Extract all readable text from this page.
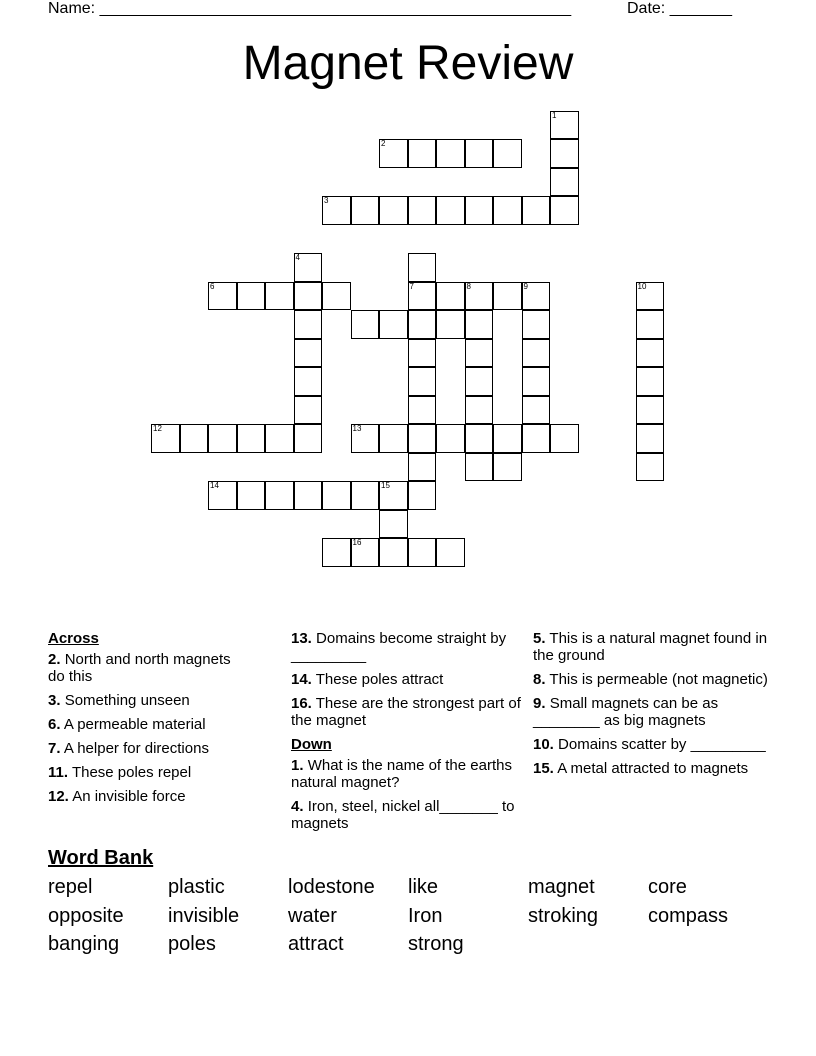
Name: _____________________________________________________	Date: _______
Magnet Review
1
2
3
4
6	7	9
8	10
12	13
14	15
16
Across
2. North and north magnets do this
3. Something unseen
6. A permeable material
7. A helper for directions
11. These poles repel
12. An invisible force
13. Domains become straight by _________
14. These poles attract
16. These are the strongest part of the magnet
Down
1. What is the name of the earths natural magnet?
4. Iron, steel, nickel all_______ to magnets
5. This is a natural magnet found in the ground
8. This is permeable (not magnetic)
9. Small magnets can be as ________ as big magnets
10. Domains scatter by _________
15. A metal attracted to magnets
Word Bank
repel	plastic	lodestone like	magnet	core
opposite invisible water	Iron	stroking compass
banging poles	attract	strong
